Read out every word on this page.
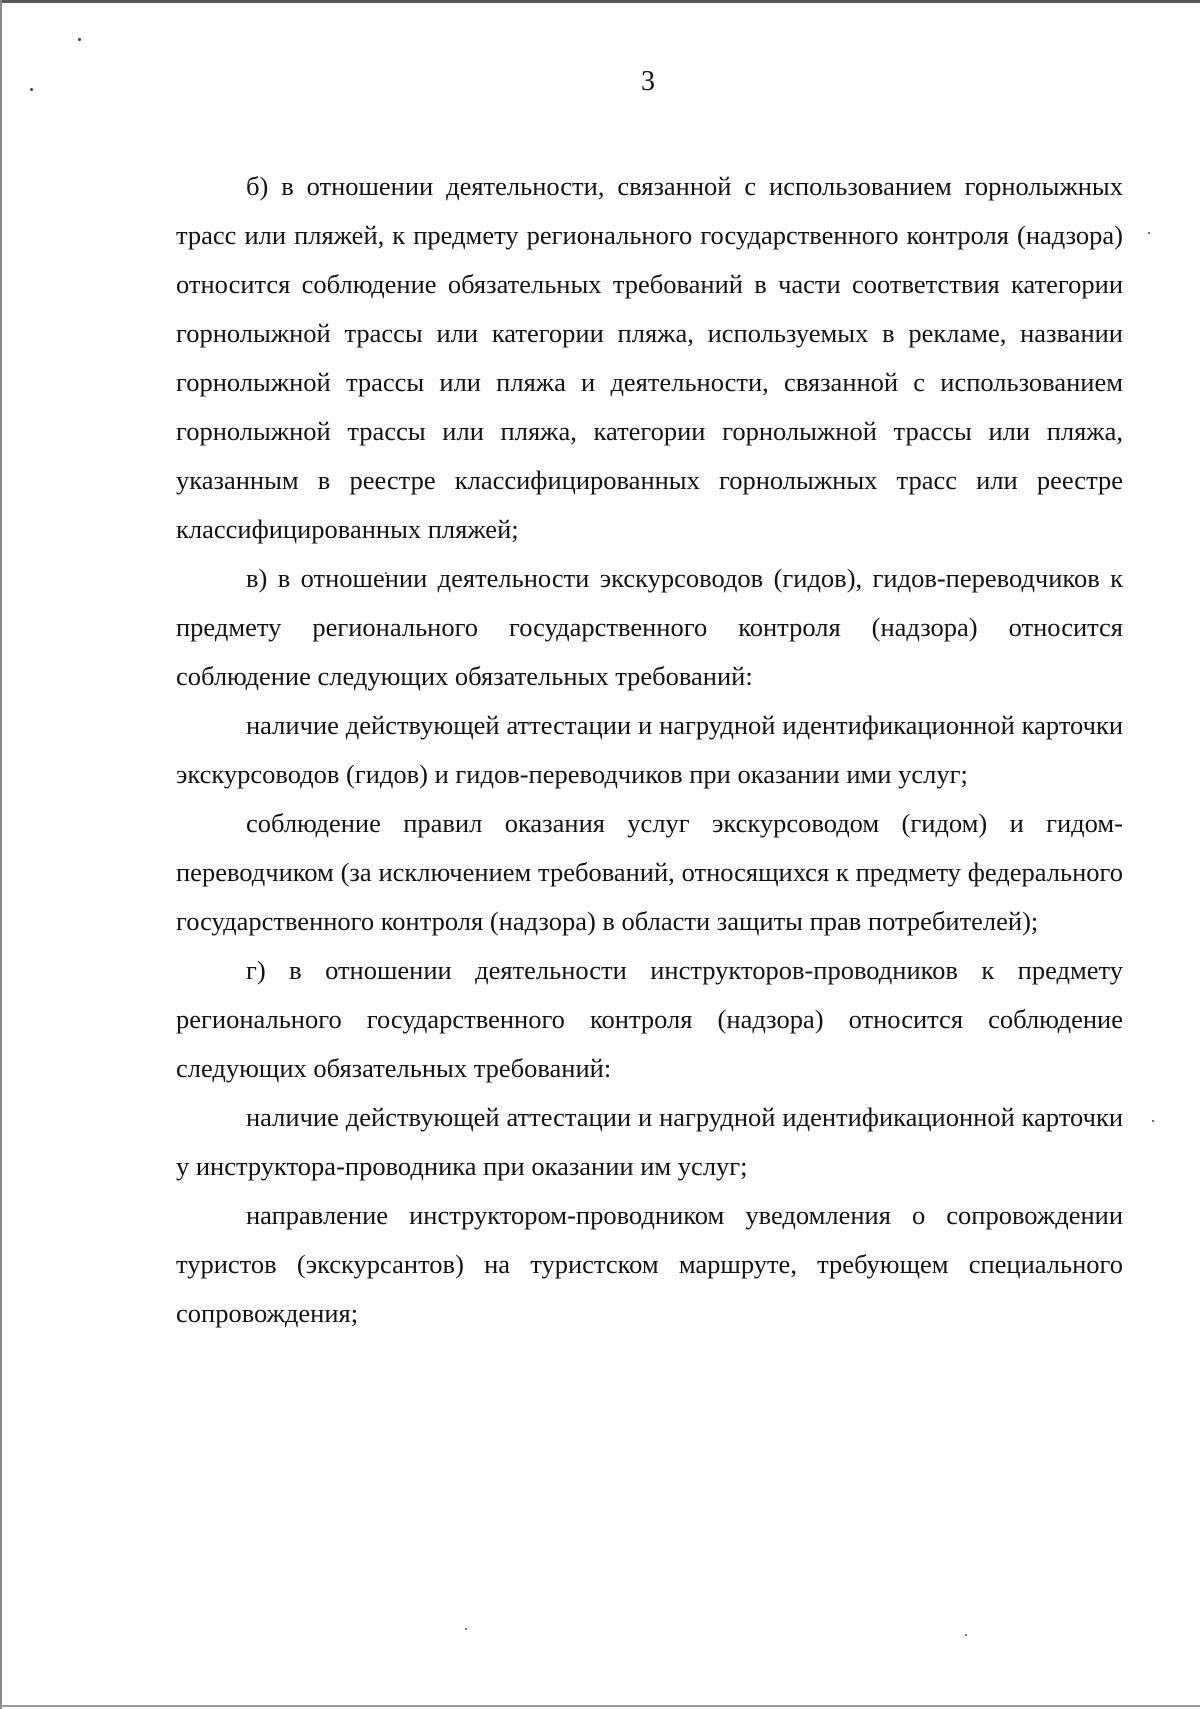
3

б) в отношении деятельности, связанной с использованием горнолыжных трасс или пляжей, к предмету регионального государственного контроля (надзора) относится соблюдение обязательных требований в части соответствия категории горнолыжной трассы или категории пляжа, используемых в рекламе, названии горнолыжной трассы или пляжа и деятельности, связанной с использованием горнолыжной трассы или пляжа, категории горнолыжной трассы или пляжа, указанным в реестре классифицированных горнолыжных трасс или реестре классифицированных пляжей;

в) в отношении деятельности экскурсоводов (гидов), гидов-переводчиков к предмету регионального государственного контроля (надзора) относится соблюдение следующих обязательных требований:

наличие действующей аттестации и нагрудной идентификационной карточки экскурсоводов (гидов) и гидов-переводчиков при оказании ими услуг;

соблюдение правил оказания услуг экскурсоводом (гидом) и гидом-переводчиком (за исключением требований, относящихся к предмету федерального государственного контроля (надзора) в области защиты прав потребителей);

г) в отношении деятельности инструкторов-проводников к предмету регионального государственного контроля (надзора) относится соблюдение следующих обязательных требований:

наличие действующей аттестации и нагрудной идентификационной карточки у инструктора-проводника при оказании им услуг;

направление инструктором-проводником уведомления о сопровождении туристов (экскурсантов) на туристском маршруте, требующем специального сопровождения;
